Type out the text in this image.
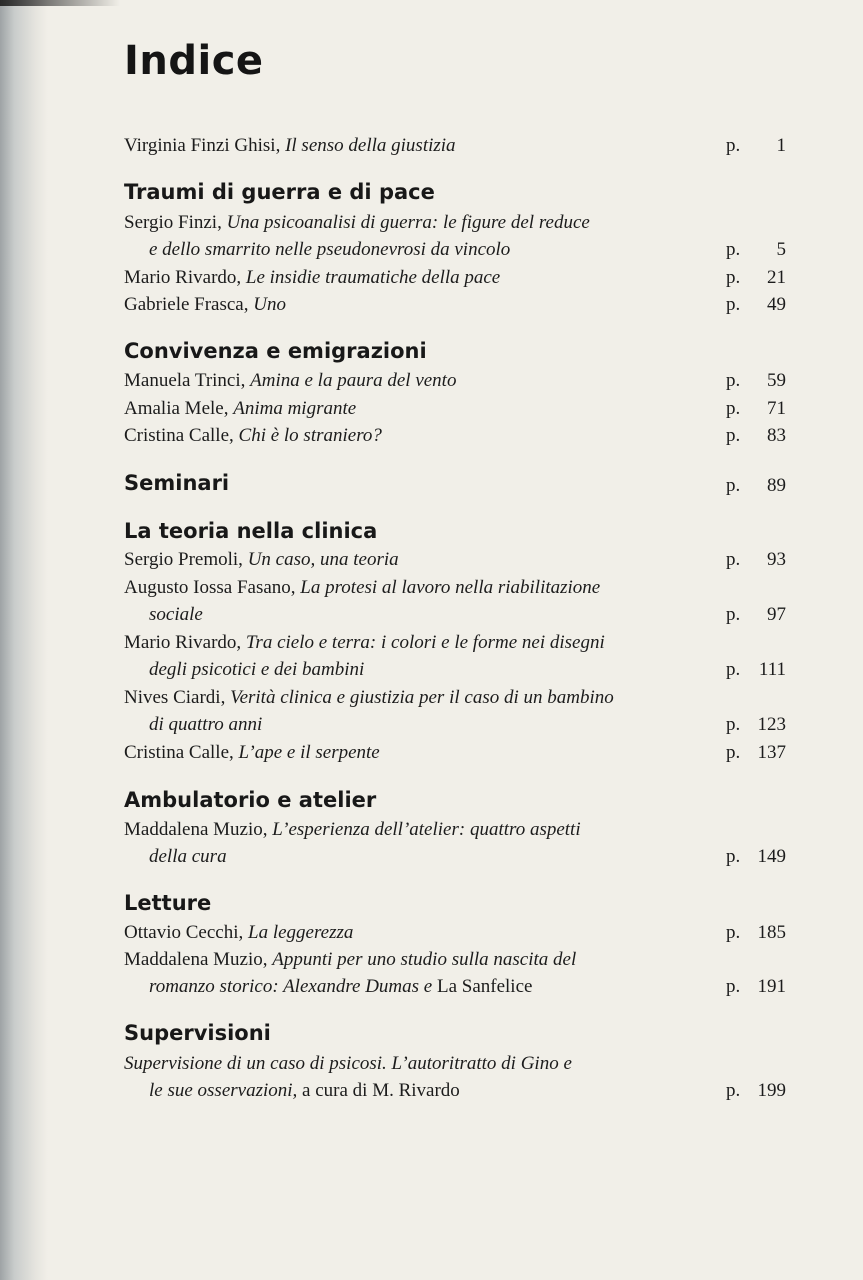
Indice
Virginia Finzi Ghisi, Il senso della giustizia	p. 1
Traumi di guerra e di pace
Sergio Finzi, Una psicoanalisi di guerra: le figure del reduce
e dello smarrito nelle pseudonevrosi da vincolo	p. 5
Mario Rivardo, Le insidie traumatiche della pace	p. 21
Gabriele Frasca, Uno	p. 49
Convivenza e emigrazioni
Manuela Trinci, Amina e la paura del vento	p. 59
Amalia Mele, Anima migrante	p. 71
Cristina Calle, Chi è lo straniero?	p. 83
Seminari	p. 89
La teoria nella clinica
Sergio Premoli, Un caso, una teoria	p. 93
Augusto Iossa Fasano, La protesi al lavoro nella riabilitazione
sociale	p. 97
Mario Rivardo, Tra cielo e terra: i colori e le forme nei disegni
degli psicotici e dei bambini	p. 111
Nives Ciardi, Verità clinica e giustizia per il caso di un bambino
di quattro anni	p. 123
Cristina Calle, L’ape e il serpente	p. 137
Ambulatorio e atelier
Maddalena Muzio, L’esperienza dell’atelier: quattro aspetti
della cura	p. 149
Letture
Ottavio Cecchi, La leggerezza	p. 185
Maddalena Muzio, Appunti per uno studio sulla nascita del
romanzo storico: Alexandre Dumas e La Sanfelice	p. 191
Supervisioni
Supervisione di un caso di psicosi. L’autoritratto di Gino e
le sue osservazioni, a cura di M. Rivardo	p. 199
